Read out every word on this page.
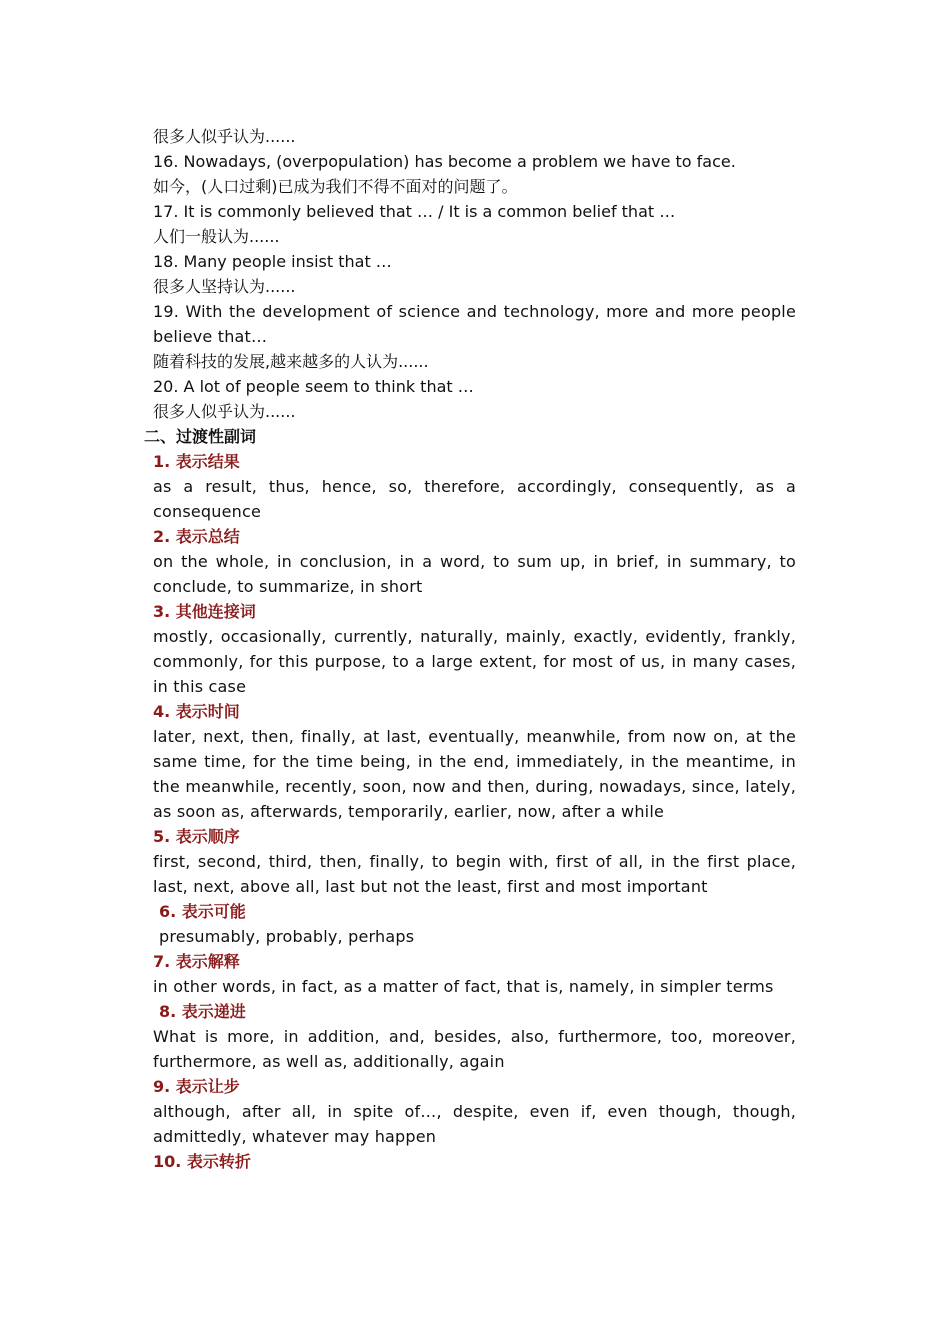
很多人似乎认为......

16. Nowadays, (overpopulation) has become a problem we have to face.

如今，(人口过剩)已成为我们不得不面对的问题了。

17. It is commonly believed that … / It is a common belief that …

人们一般认为......

18. Many people insist that …

很多人坚持认为......

19. With the development of science and technology, more and more people believe that…

随着科技的发展,越来越多的人认为......

20. A lot of people seem to think that …

很多人似乎认为......

二、过渡性副词

1. 表示结果

as a result, thus, hence, so, therefore, accordingly, consequently, as a consequence

2. 表示总结

on the whole, in conclusion, in a word, to sum up, in brief, in summary, to conclude, to summarize, in short

3. 其他连接词

mostly, occasionally, currently, naturally, mainly, exactly, evidently, frankly, commonly, for this purpose, to a large extent, for most of us, in many cases, in this case

4. 表示时间

later, next, then, finally, at last, eventually, meanwhile, from now on, at the same time, for the time being, in the end, immediately, in the meantime, in the meanwhile, recently, soon, now and then, during, nowadays, since, lately, as soon as, afterwards, temporarily, earlier, now, after a while

5. 表示顺序

first, second, third, then, finally, to begin with, first of all, in the first place, last, next, above all, last but not the least, first and most important

6. 表示可能

presumably, probably, perhaps

7. 表示解释

in other words, in fact, as a matter of fact, that is, namely, in simpler terms

8. 表示递进

What is more, in addition, and, besides, also, furthermore, too, moreover, furthermore, as well as, additionally, again

9. 表示让步

although, after all, in spite of…, despite, even if, even though, though, admittedly, whatever may happen

10. 表示转折
